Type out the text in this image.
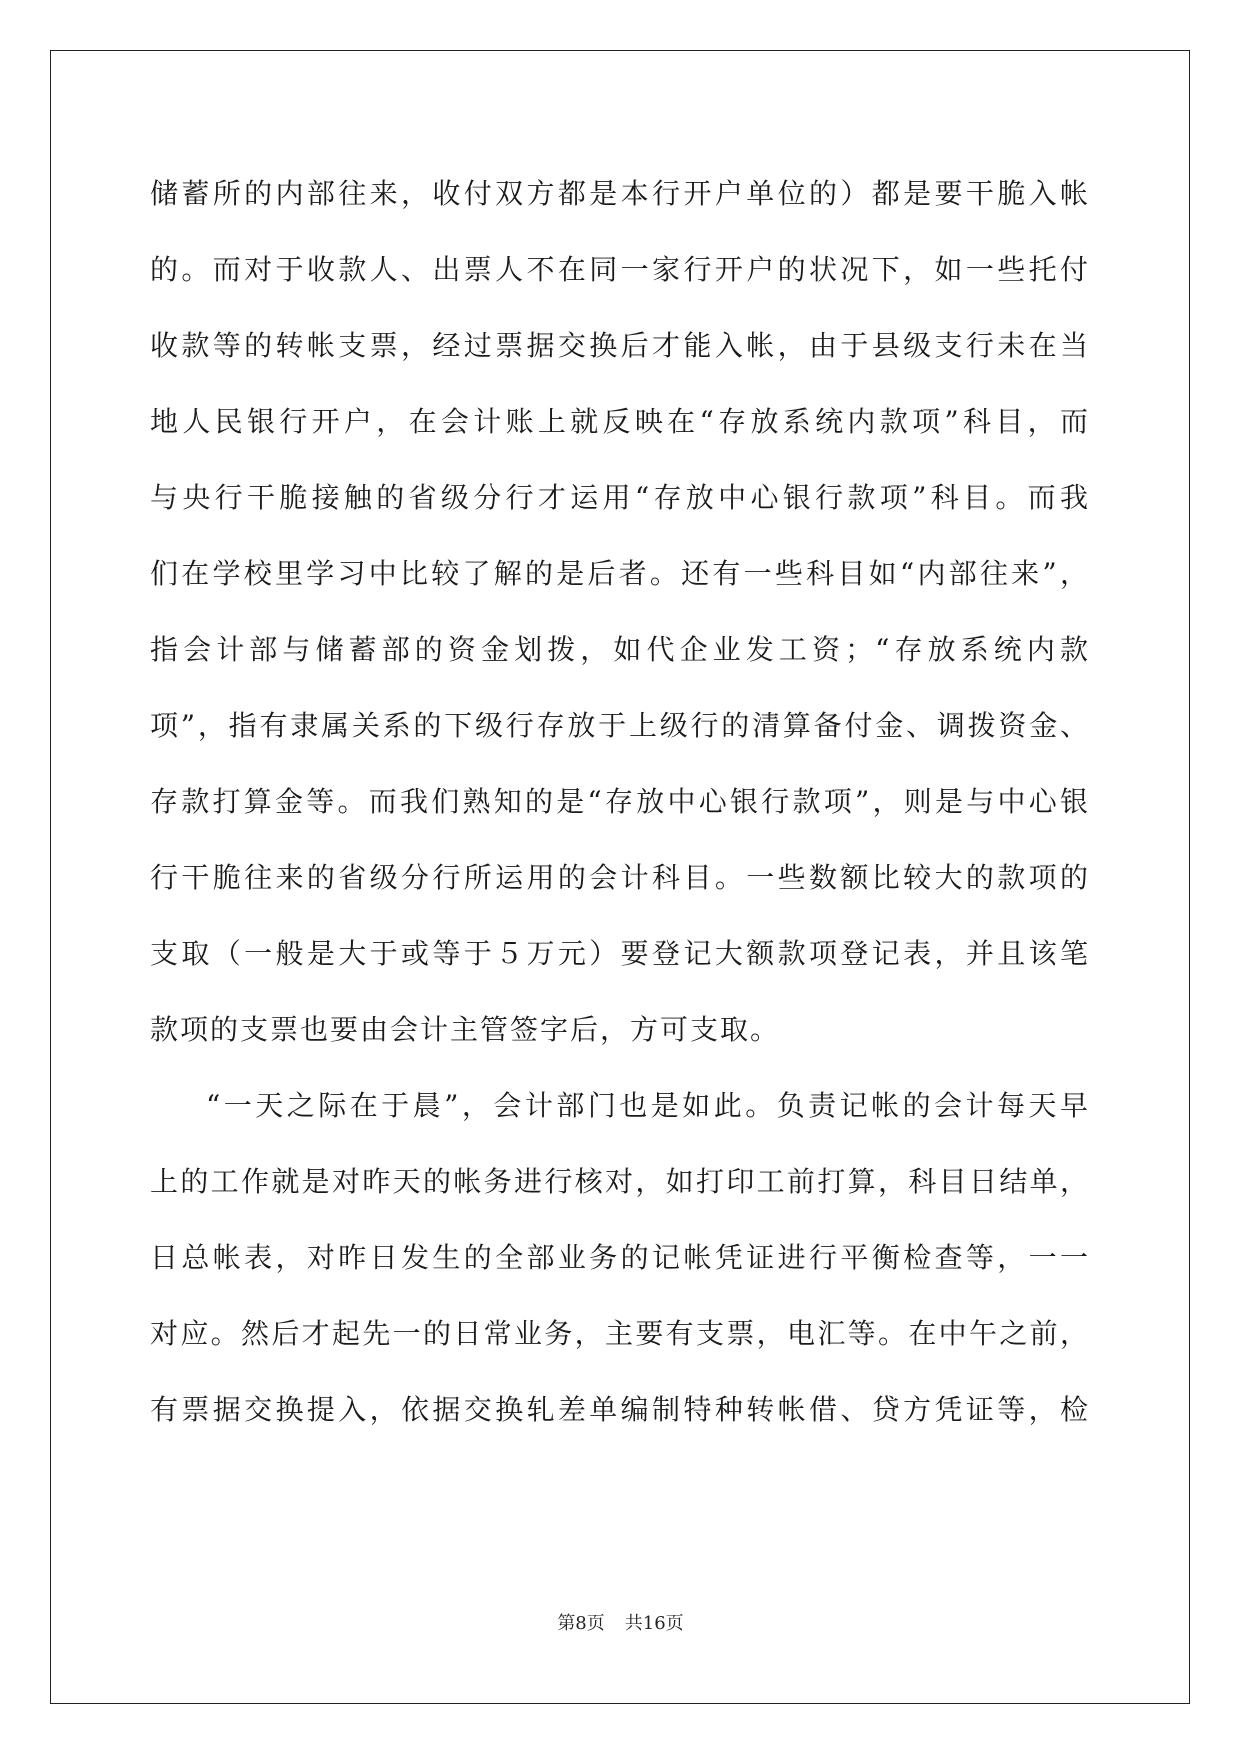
储蓄所的内部往来，收付双方都是本行开户单位的）都是要干脆入帐
的。而对于收款人、出票人不在同一家行开户的状况下，如一些托付
收款等的转帐支票，经过票据交换后才能入帐，由于县级支行未在当
地人民银行开户，在会计账上就反映在“存放系统内款项”科目，而
与央行干脆接触的省级分行才运用“存放中心银行款项”科目。而我
们在学校里学习中比较了解的是后者。还有一些科目如“内部往来”，
指会计部与储蓄部的资金划拨，如代企业发工资；“存放系统内款
项”，指有隶属关系的下级行存放于上级行的清算备付金、调拨资金、
存款打算金等。而我们熟知的是“存放中心银行款项”，则是与中心银
行干脆往来的省级分行所运用的会计科目。一些数额比较大的款项的
支取（一般是大于或等于５万元）要登记大额款项登记表，并且该笔
款项的支票也要由会计主管签字后，方可支取。
“一天之际在于晨”，会计部门也是如此。负责记帐的会计每天早
上的工作就是对昨天的帐务进行核对，如打印工前打算，科目日结单，
日总帐表，对昨日发生的全部业务的记帐凭证进行平衡检查等，一一
对应。然后才起先一的日常业务，主要有支票，电汇等。在中午之前，
有票据交换提入，依据交换轧差单编制特种转帐借、贷方凭证等，检
第8页 共16页
